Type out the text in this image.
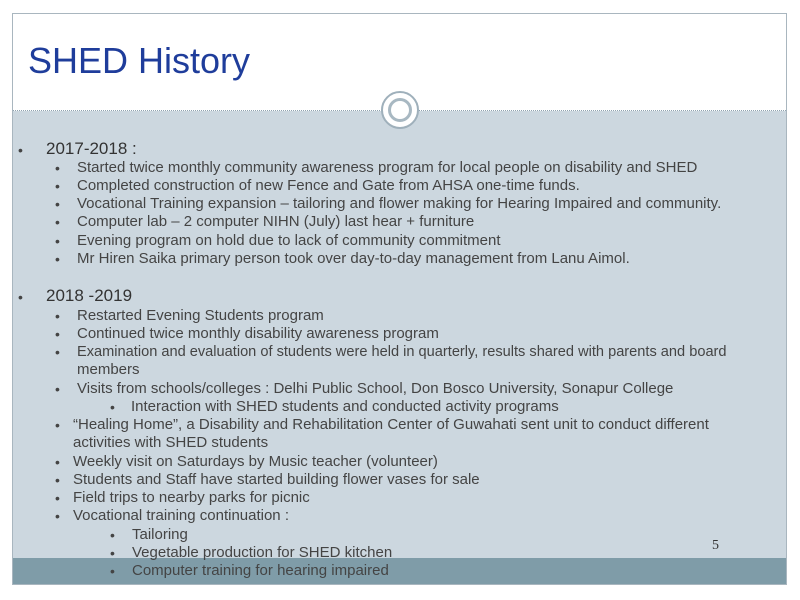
SHED History
5
• 2017-2018 :
• Started twice monthly community awareness program for local people on disability and SHED
• Completed construction of new Fence and Gate from AHSA one-time funds.
• Vocational Training expansion – tailoring and flower making for Hearing Impaired and community.
• Computer lab – 2 computer NIHN (July) last hear + furniture
• Evening program on hold due to lack of community commitment
• Mr Hiren Saika primary person took over day-to-day management from Lanu Aimol.
• 2018 -2019
• Restarted Evening Students program
• Continued twice monthly disability awareness program
• Examination and evaluation of students were held in quarterly, results shared with parents and board
members
• Visits from schools/colleges : Delhi Public School, Don Bosco University, Sonapur College
• Interaction with SHED students and conducted activity programs
• “Healing Home”, a Disability and Rehabilitation Center of Guwahati sent unit to conduct different
activities with SHED students
• Weekly visit on Saturdays by Music teacher (volunteer)
• Students and Staff have started building flower vases for sale
• Field trips to nearby parks for picnic
• Vocational training continuation :
• Tailoring
• Vegetable production for SHED kitchen
• Computer training for hearing impaired
